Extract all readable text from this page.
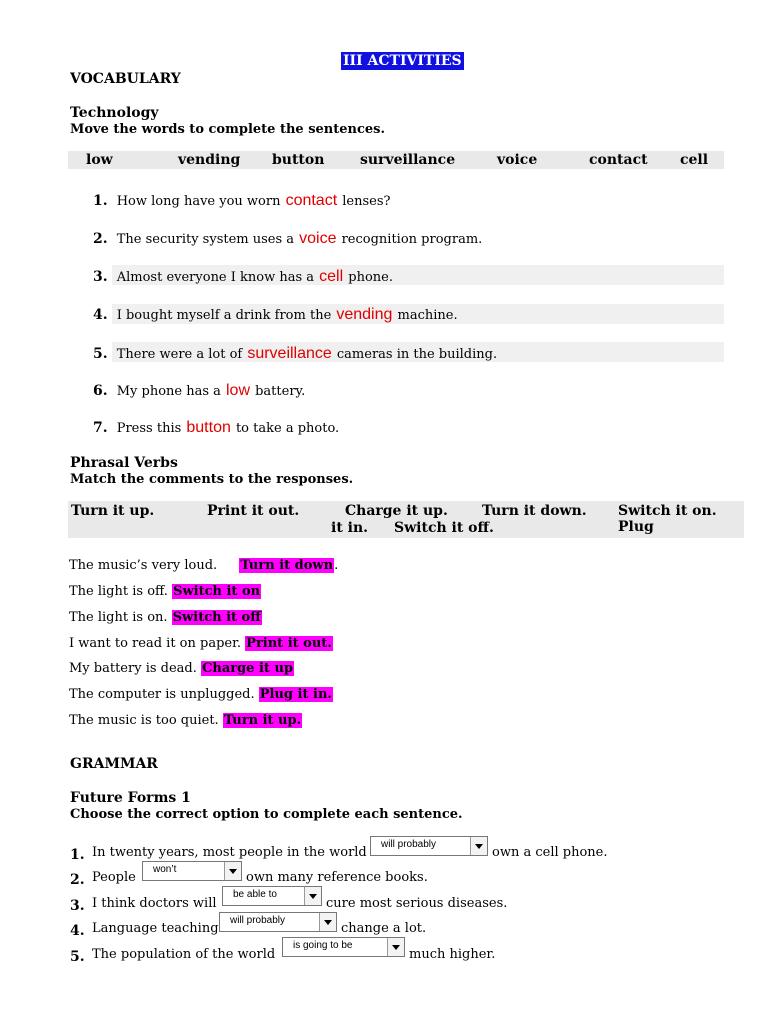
III ACTIVITIES
VOCABULARY
Technology
Move the words to complete the sentences.
low	vending button	surveillance	voice	contact cell
1. How long have you worn contact lenses?
2. The security system uses a voice recognition program.
3. Almost everyone I know has a cell phone.
4. I bought myself a drink from the vending machine.
5. There were a lot of surveillance cameras in the building.
6. My phone has a low battery.
7. Press this button to take a photo.
Phrasal Verbs
Match the comments to the responses.
Turn it up.	Print it out.	Charge it up. Turn it down. Switch it on. Plug
it in. Switch it off.
The music’s very loud. Turn it down.
The light is off. Switch it on
The light is on. Switch it off
I want to read it on paper. Print it out.
My battery is dead. Charge it up
The computer is unplugged. Plug it in.
The music is too quiet. Turn it up.
GRAMMAR
Future Forms 1
Choose the correct option to complete each sentence.
1. In twenty years, most people in the world
will probably
own a cell phone.
2. People
won’t
own many reference books.
3. I think doctors will
be able to
cure most serious diseases.
4. Language teaching
will probably
change a lot.
5. The population of the world
is going to be
much higher.
